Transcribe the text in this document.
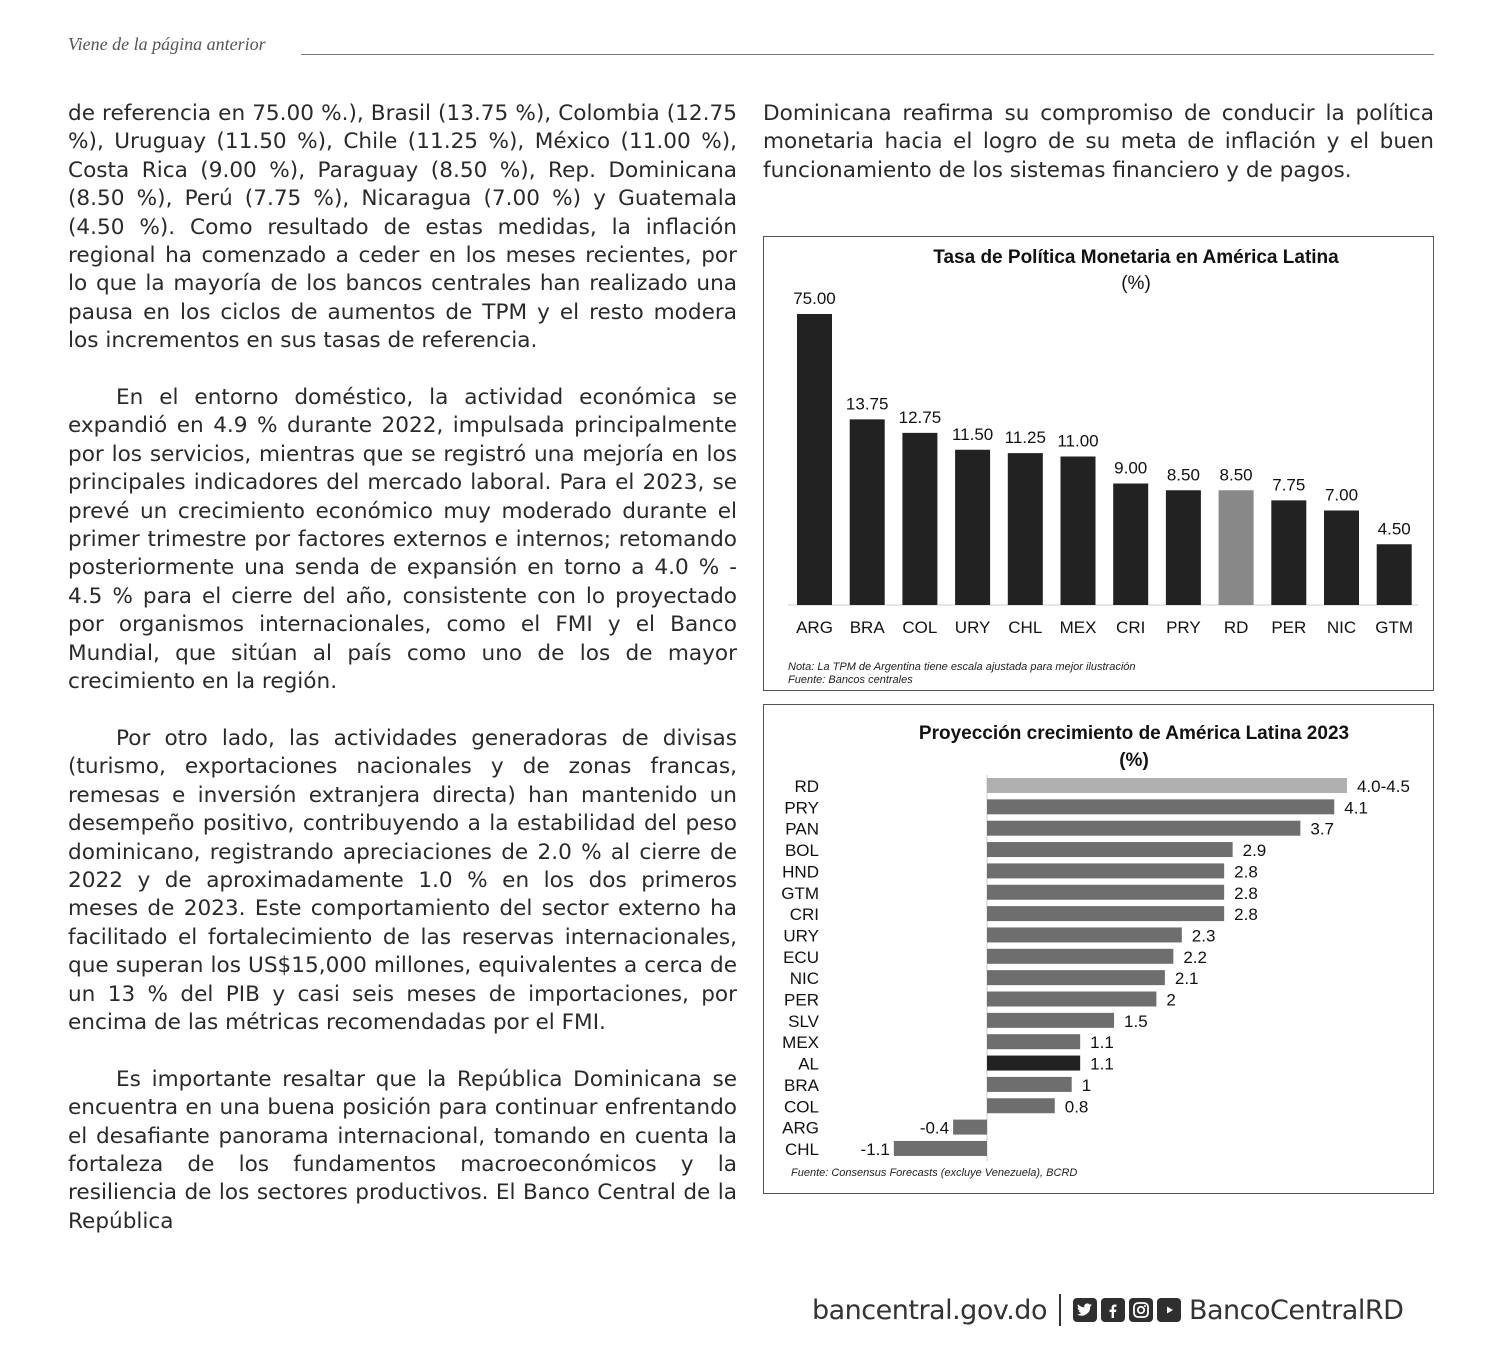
Viene de la página anterior

de referencia en 75.00 %.), Brasil (13.75 %), Colombia (12.75 %), Uruguay (11.50 %), Chile (11.25 %), México (11.00 %), Costa Rica (9.00 %), Paraguay (8.50 %), Rep. Dominicana (8.50 %), Perú (7.75 %), Nicaragua (7.00 %) y Guatemala (4.50 %). Como resultado de estas medidas, la inflación regional ha comenzado a ceder en los meses recientes, por lo que la mayoría de los bancos centrales han realizado una pausa en los ciclos de aumentos de TPM y el resto modera los incrementos en sus tasas de referencia.

En el entorno doméstico, la actividad económica se expandió en 4.9 % durante 2022, impulsada principalmente por los servicios, mientras que se registró una mejoría en los principales indicadores del mercado laboral. Para el 2023, se prevé un crecimiento económico muy moderado durante el primer trimestre por factores externos e internos; retomando posteriormente una senda de expansión en torno a 4.0 % - 4.5 % para el cierre del año, consistente con lo proyectado por organismos internacionales, como el FMI y el Banco Mundial, que sitúan al país como uno de los de mayor crecimiento en la región.

Por otro lado, las actividades generadoras de divisas (turismo, exportaciones nacionales y de zonas francas, remesas e inversión extranjera directa) han mantenido un desempeño positivo, contribuyendo a la estabilidad del peso dominicano, registrando apreciaciones de 2.0 % al cierre de 2022 y de aproximadamente 1.0 % en los dos primeros meses de 2023. Este comportamiento del sector externo ha facilitado el fortalecimiento de las reservas internacionales, que superan los US$15,000 millones, equivalentes a cerca de un 13 % del PIB y casi seis meses de importaciones, por encima de las métricas recomendadas por el FMI.

Es importante resaltar que la República Dominicana se encuentra en una buena posición para continuar enfrentando el desafiante panorama internacional, tomando en cuenta la fortaleza de los fundamentos macroeconómicos y la resiliencia de los sectores productivos. El Banco Central de la República

Dominicana reafirma su compromiso de conducir la política monetaria hacia el logro de su meta de inflación y el buen funcionamiento de los sistemas financiero y de pagos.

Tasa de Política Monetaria en América Latina
(%)
75.00
ARG
13.75
BRA
12.75
COL
11.50
URY
11.25
CHL
11.00
MEX
9.00
CRI
8.50
PRY
8.50
RD
7.75
PER
7.00
NIC
4.50
GTM
Nota: La TPM de Argentina tiene escala ajustada para mejor ilustración
Fuente: Bancos centrales
Proyección crecimiento de América Latina 2023
(%)
4.0-4.5
RD
4.1
PRY
3.7
PAN
2.9
BOL
2.8
HND
2.8
GTM
2.8
CRI
2.3
URY
2.2
ECU
2.1
NIC
2
PER
1.5
SLV
1.1
MEX
1.1
AL
1
BRA
0.8
COL
-0.4
ARG
-1.1
CHL
Fuente: Consensus Forecasts (excluye Venezuela), BCRD
bancentral.gov.do	BancoCentralRD
